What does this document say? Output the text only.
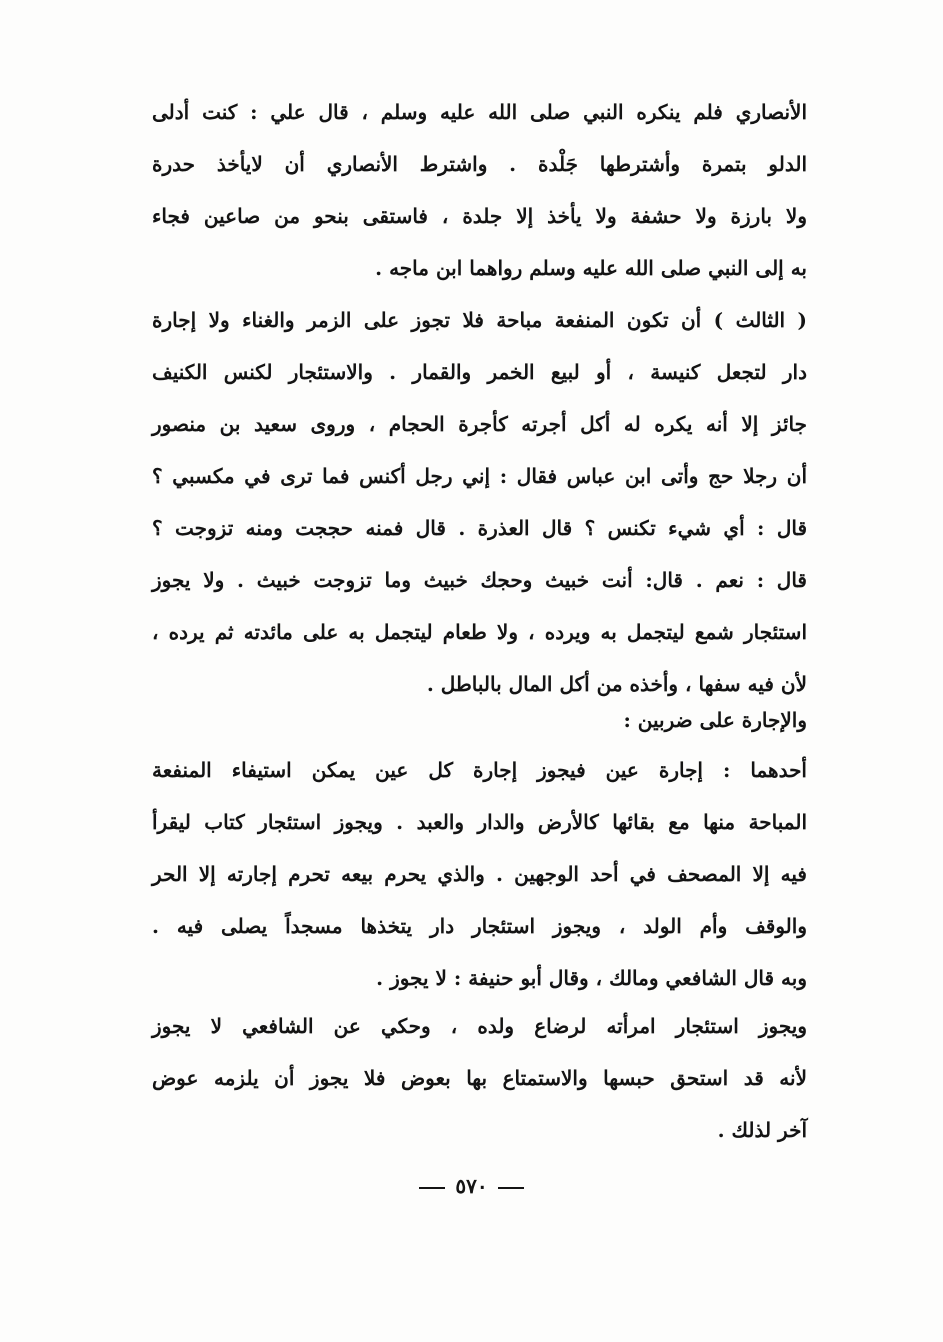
الأنصاري فلم ينكره النبي صلى الله عليه وسلم ، قال علي : كنت أدلى
الدلو بتمرة وأشترطها جَلْدة . واشترط الأنصاري أن لايأخذ حدرة
ولا بارزة ولا حشفة ولا يأخذ إلا جلدة ، فاستقى بنحو من صاعين فجاء
به إلى النبي صلى الله عليه وسلم رواهما ابن ماجه .
( الثالث ) أن تكون المنفعة مباحة فلا تجوز على الزمر والغناء ولا إجارة
دار لتجعل كنيسة ، أو لبيع الخمر والقمار . والاستئجار لكنس الكنيف
جائز إلا أنه يكره له أكل أجرته كأجرة الحجام ، وروى سعيد بن منصور
أن رجلا حج وأتى ابن عباس فقال : إني رجل أكنس فما ترى في مكسبي ؟
قال : أي شيء تكنس ؟ قال العذرة . قال فمنه حججت ومنه تزوجت ؟
قال : نعم . قال: أنت خبيث وحجك خبيث وما تزوجت خبيث . ولا يجوز
استئجار شمع ليتجمل به ويرده ، ولا طعام ليتجمل به على مائدته ثم يرده ،
لأن فيه سفها ، وأخذه من أكل المال بالباطل .
والإجارة على ضربين :
أحدهما : إجارة عين فيجوز إجارة كل عين يمكن استيفاء المنفعة
المباحة منها مع بقائها كالأرض والدار والعبد . ويجوز استئجار كتاب ليقرأ
فيه إلا المصحف في أحد الوجهين . والذي يحرم بيعه تحرم إجارته إلا الحر
والوقف وأم الولد ، ويجوز استئجار دار يتخذها مسجداً يصلى فيه .
وبه قال الشافعي ومالك ، وقال أبو حنيفة : لا يجوز .
ويجوز استئجار امرأته لرضاع ولده ، وحكي عن الشافعي لا يجوز
لأنه قد استحق حبسها والاستمتاع بها بعوض فلا يجوز أن يلزمه عوض
آخر لذلك .
٥٧٠
